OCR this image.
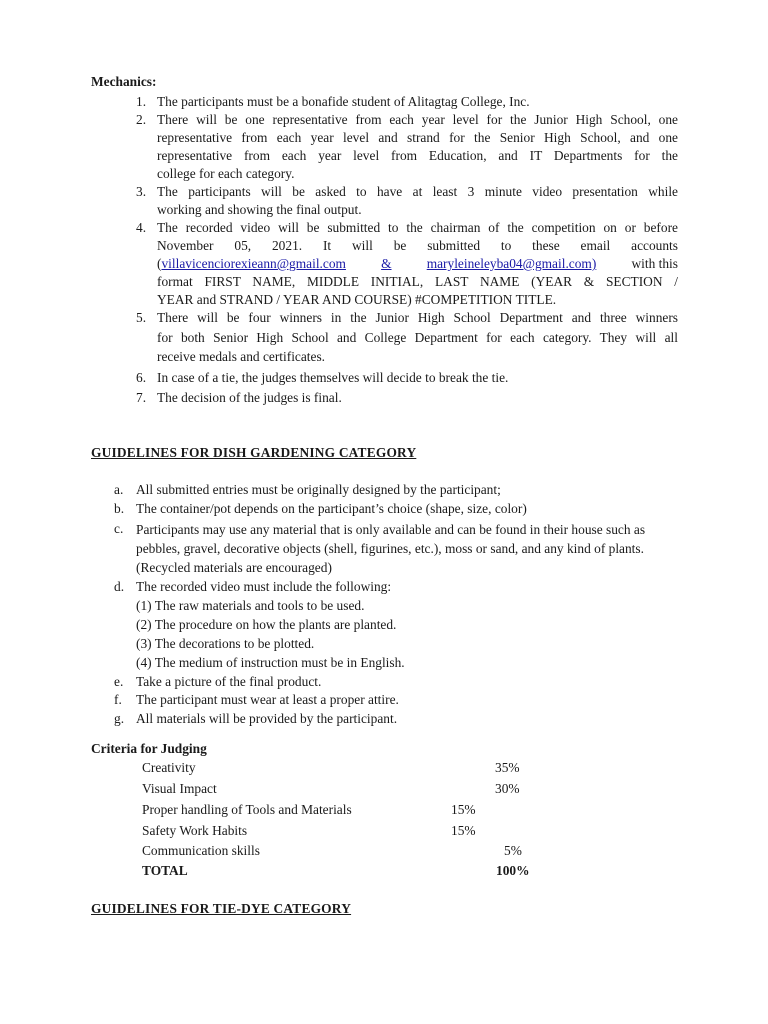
Mechanics:
1. The participants must be a bonafide student of Alitagtag College, Inc.
2. There will be one representative from each year level for the Junior High School, one
representative from each year level and strand for the Senior High School, and one
representative from each year level from Education, and IT Departments for the
college for each category.
3. The participants will be asked to have at least 3 minute video presentation while
working and showing the final output.
4. The recorded video will be submitted to the chairman of the competition on or before
November 05, 2021. It will be submitted to these email accounts
(villavicenciorexieann@gmail.com	&	maryleineleyba04@gmail.com)	with this
format FIRST NAME, MIDDLE INITIAL, LAST NAME (YEAR & SECTION /
YEAR and STRAND / YEAR AND COURSE) #COMPETITION TITLE.
5. There will be four winners in the Junior High School Department and three winners
for both Senior High School and College Department for each category. They will all
receive medals and certificates.
6. In case of a tie, the judges themselves will decide to break the tie.
7. The decision of the judges is final.
GUIDELINES FOR DISH GARDENING CATEGORY
a. All submitted entries must be originally designed by the participant;
b. The container/pot depends on the participant’s choice (shape, size, color)
c. Participants may use any material that is only available and can be found in their house such as pebbles, gravel, decorative objects (shell, figurines, etc.), moss or sand, and any kind of plants. (Recycled materials are encouraged)
d. The recorded video must include the following:
(1) The raw materials and tools to be used.
(2) The procedure on how the plants are planted.
(3) The decorations to be plotted.
(4) The medium of instruction must be in English.
e. Take a picture of the final product.
f. The participant must wear at least a proper attire.
g. All materials will be provided by the participant.
Criteria for Judging
Creativity	35%
Visual Impact	30%
Proper handling of Tools and Materials	15%
Safety Work Habits	15%
Communication skills	5%
TOTAL	100%
GUIDELINES FOR TIE-DYE CATEGORY
